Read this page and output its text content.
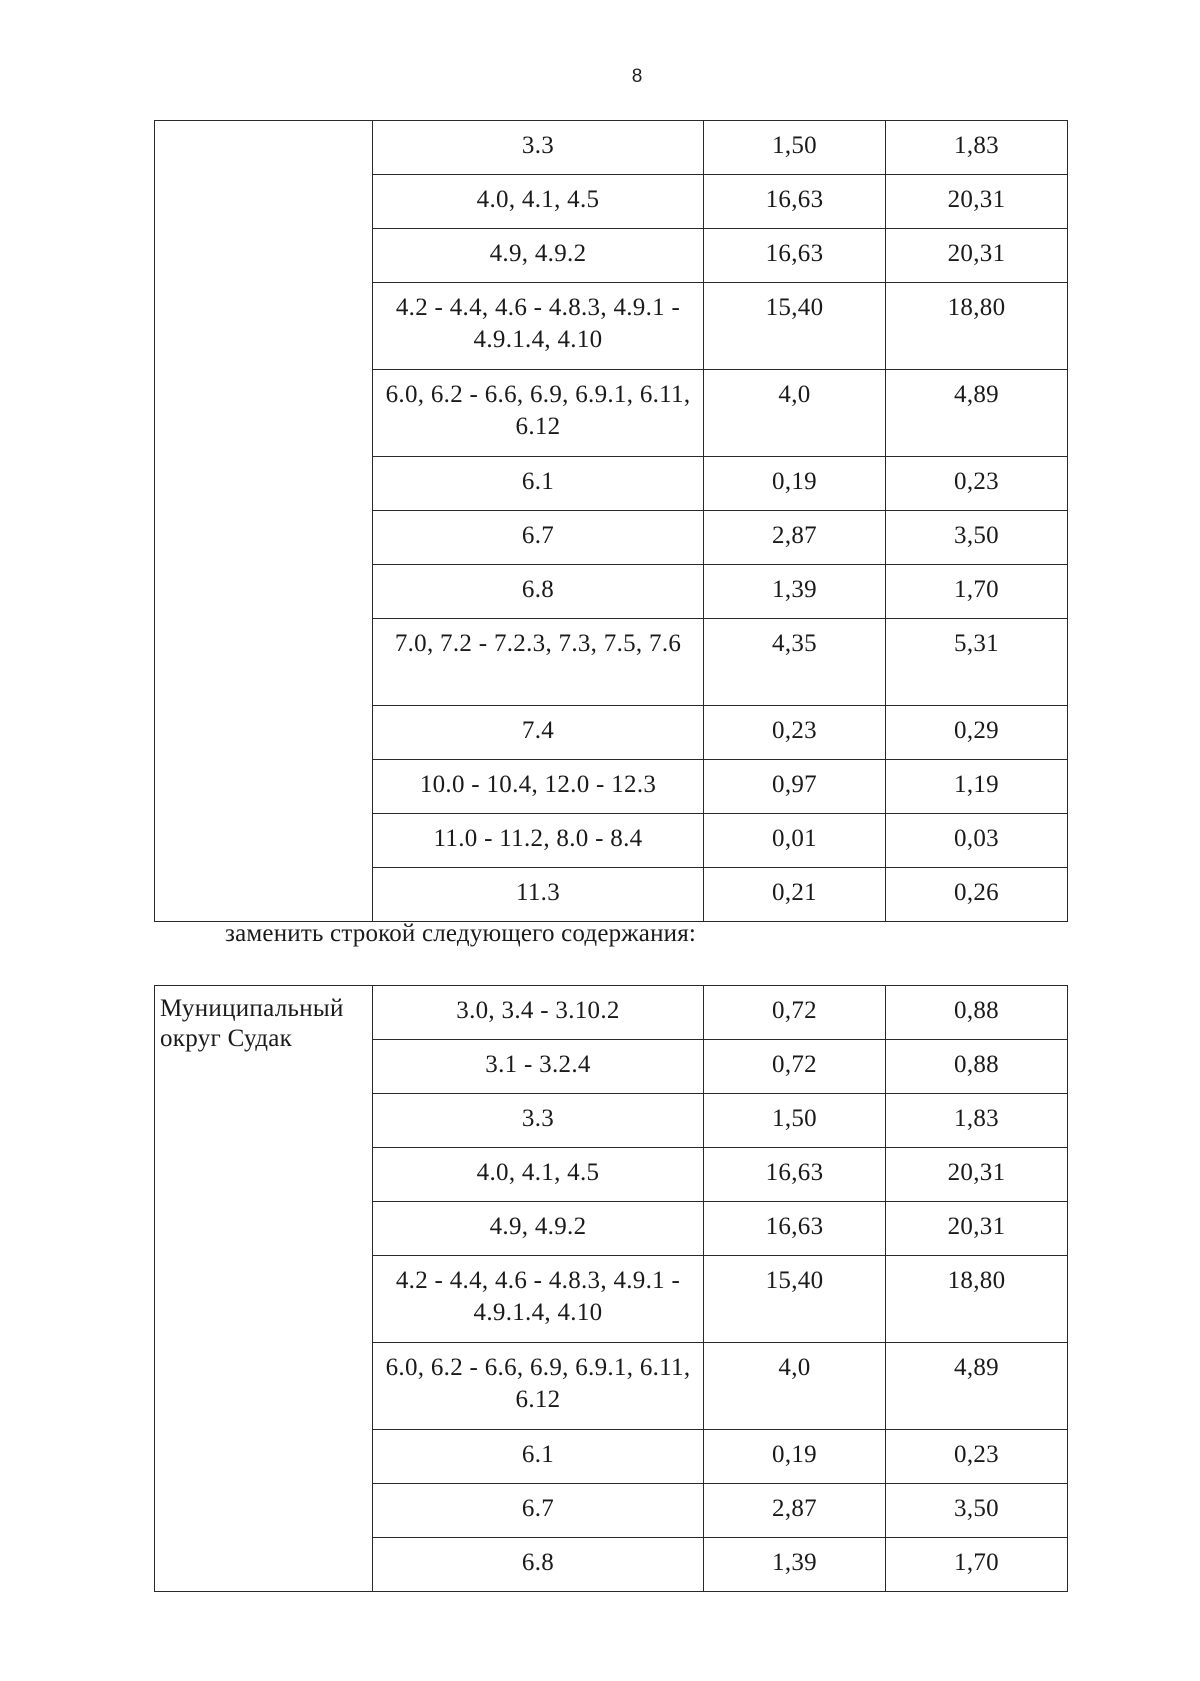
8
	3.3	1,50	1,83
	4.0, 4.1, 4.5	16,63	20,31
	4.9, 4.9.2	16,63	20,31
	4.2 - 4.4, 4.6 - 4.8.3, 4.9.1 - 4.9.1.4, 4.10	15,40	18,80
	6.0, 6.2 - 6.6, 6.9, 6.9.1, 6.11, 6.12	4,0	4,89
	6.1	0,19	0,23
	6.7	2,87	3,50
	6.8	1,39	1,70
	7.0, 7.2 - 7.2.3, 7.3, 7.5, 7.6	4,35	5,31
	7.4	0,23	0,29
	10.0 - 10.4, 12.0 - 12.3	0,97	1,19
	11.0 - 11.2, 8.0 - 8.4	0,01	0,03
	11.3	0,21	0,26
заменить строкой следующего содержания:
Муниципальный округ Судак	3.0, 3.4 - 3.10.2	0,72	0,88
	3.1 - 3.2.4	0,72	0,88
	3.3	1,50	1,83
	4.0, 4.1, 4.5	16,63	20,31
	4.9, 4.9.2	16,63	20,31
	4.2 - 4.4, 4.6 - 4.8.3, 4.9.1 - 4.9.1.4, 4.10	15,40	18,80
	6.0, 6.2 - 6.6, 6.9, 6.9.1, 6.11, 6.12	4,0	4,89
	6.1	0,19	0,23
	6.7	2,87	3,50
	6.8	1,39	1,70
